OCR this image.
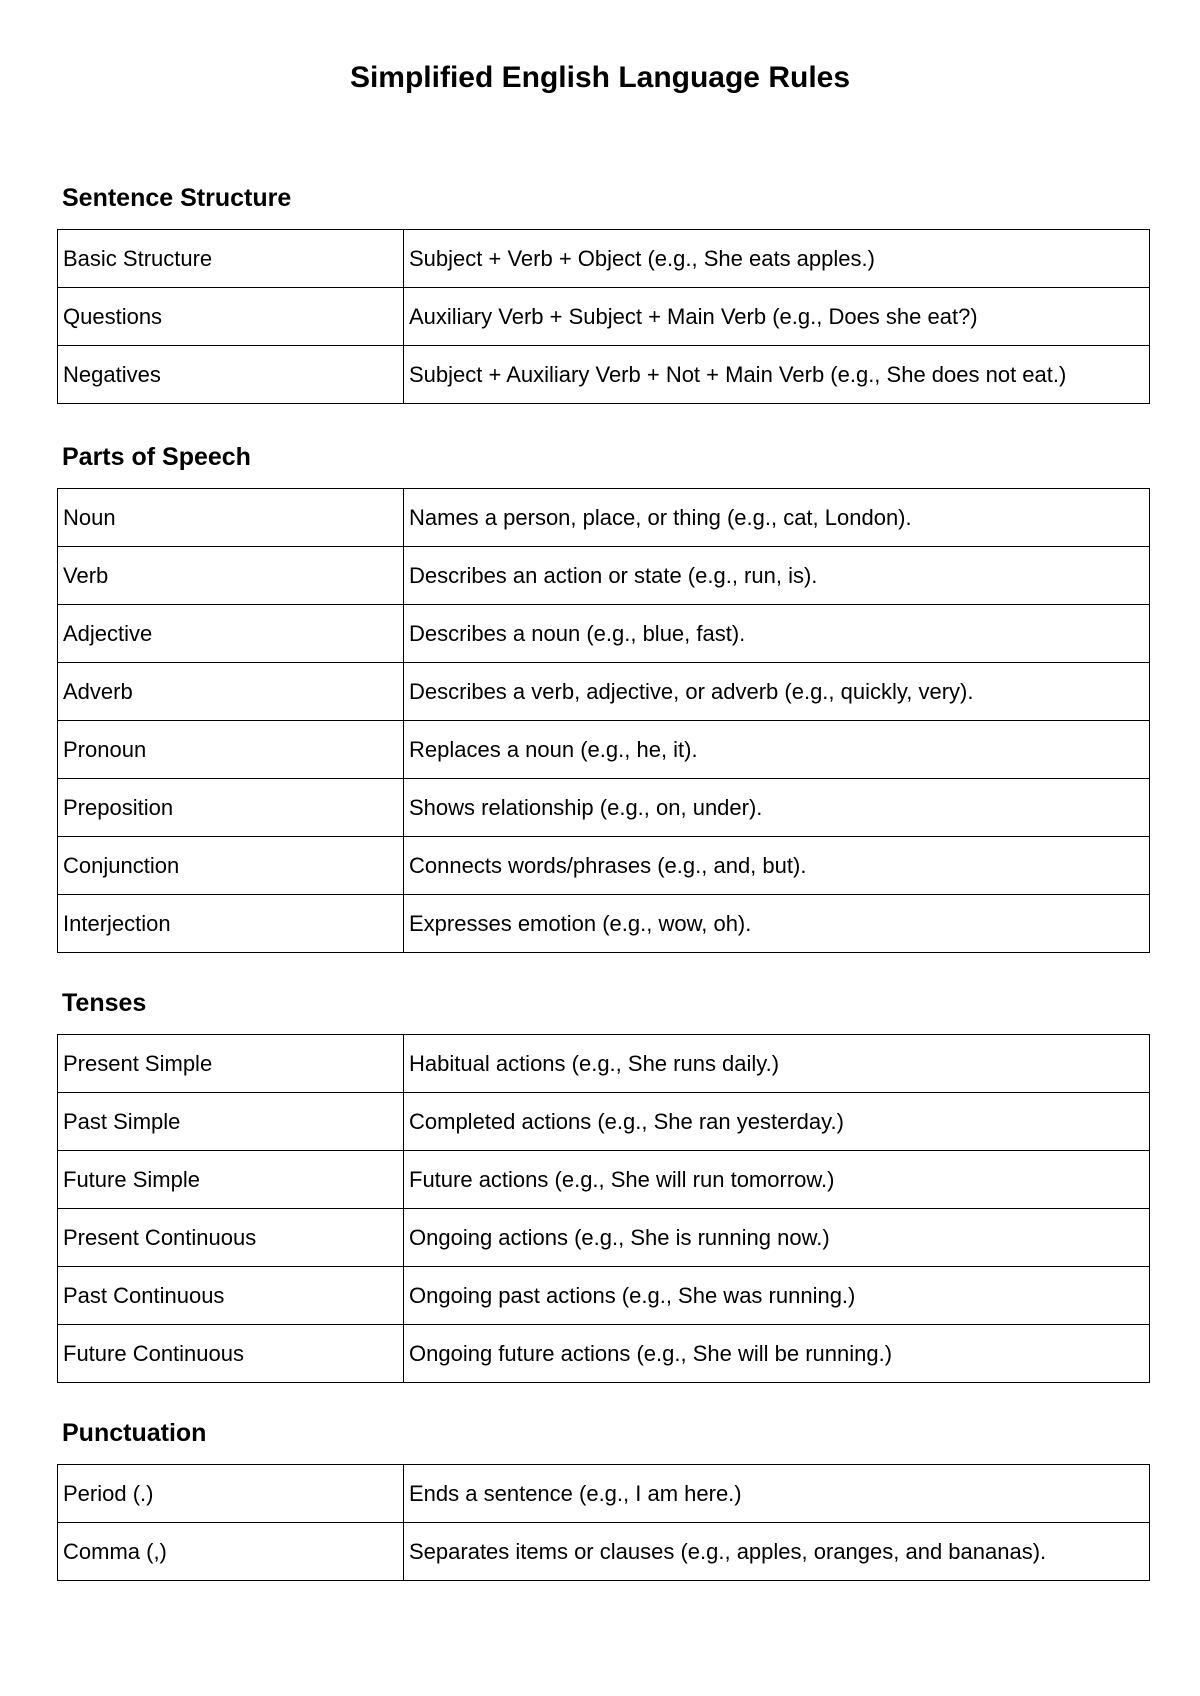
Simplified English Language Rules
Sentence Structure
Basic Structure	Subject + Verb + Object (e.g., She eats apples.)
Questions	Auxiliary Verb + Subject + Main Verb (e.g., Does she eat?)
Negatives	Subject + Auxiliary Verb + Not + Main Verb (e.g., She does not eat.)
Parts of Speech
Noun	Names a person, place, or thing (e.g., cat, London).
Verb	Describes an action or state (e.g., run, is).
Adjective	Describes a noun (e.g., blue, fast).
Adverb	Describes a verb, adjective, or adverb (e.g., quickly, very).
Pronoun	Replaces a noun (e.g., he, it).
Preposition	Shows relationship (e.g., on, under).
Conjunction	Connects words/phrases (e.g., and, but).
Interjection	Expresses emotion (e.g., wow, oh).
Tenses
Present Simple	Habitual actions (e.g., She runs daily.)
Past Simple	Completed actions (e.g., She ran yesterday.)
Future Simple	Future actions (e.g., She will run tomorrow.)
Present Continuous	Ongoing actions (e.g., She is running now.)
Past Continuous	Ongoing past actions (e.g., She was running.)
Future Continuous	Ongoing future actions (e.g., She will be running.)
Punctuation
Period (.)	Ends a sentence (e.g., I am here.)
Comma (,)	Separates items or clauses (e.g., apples, oranges, and bananas).
